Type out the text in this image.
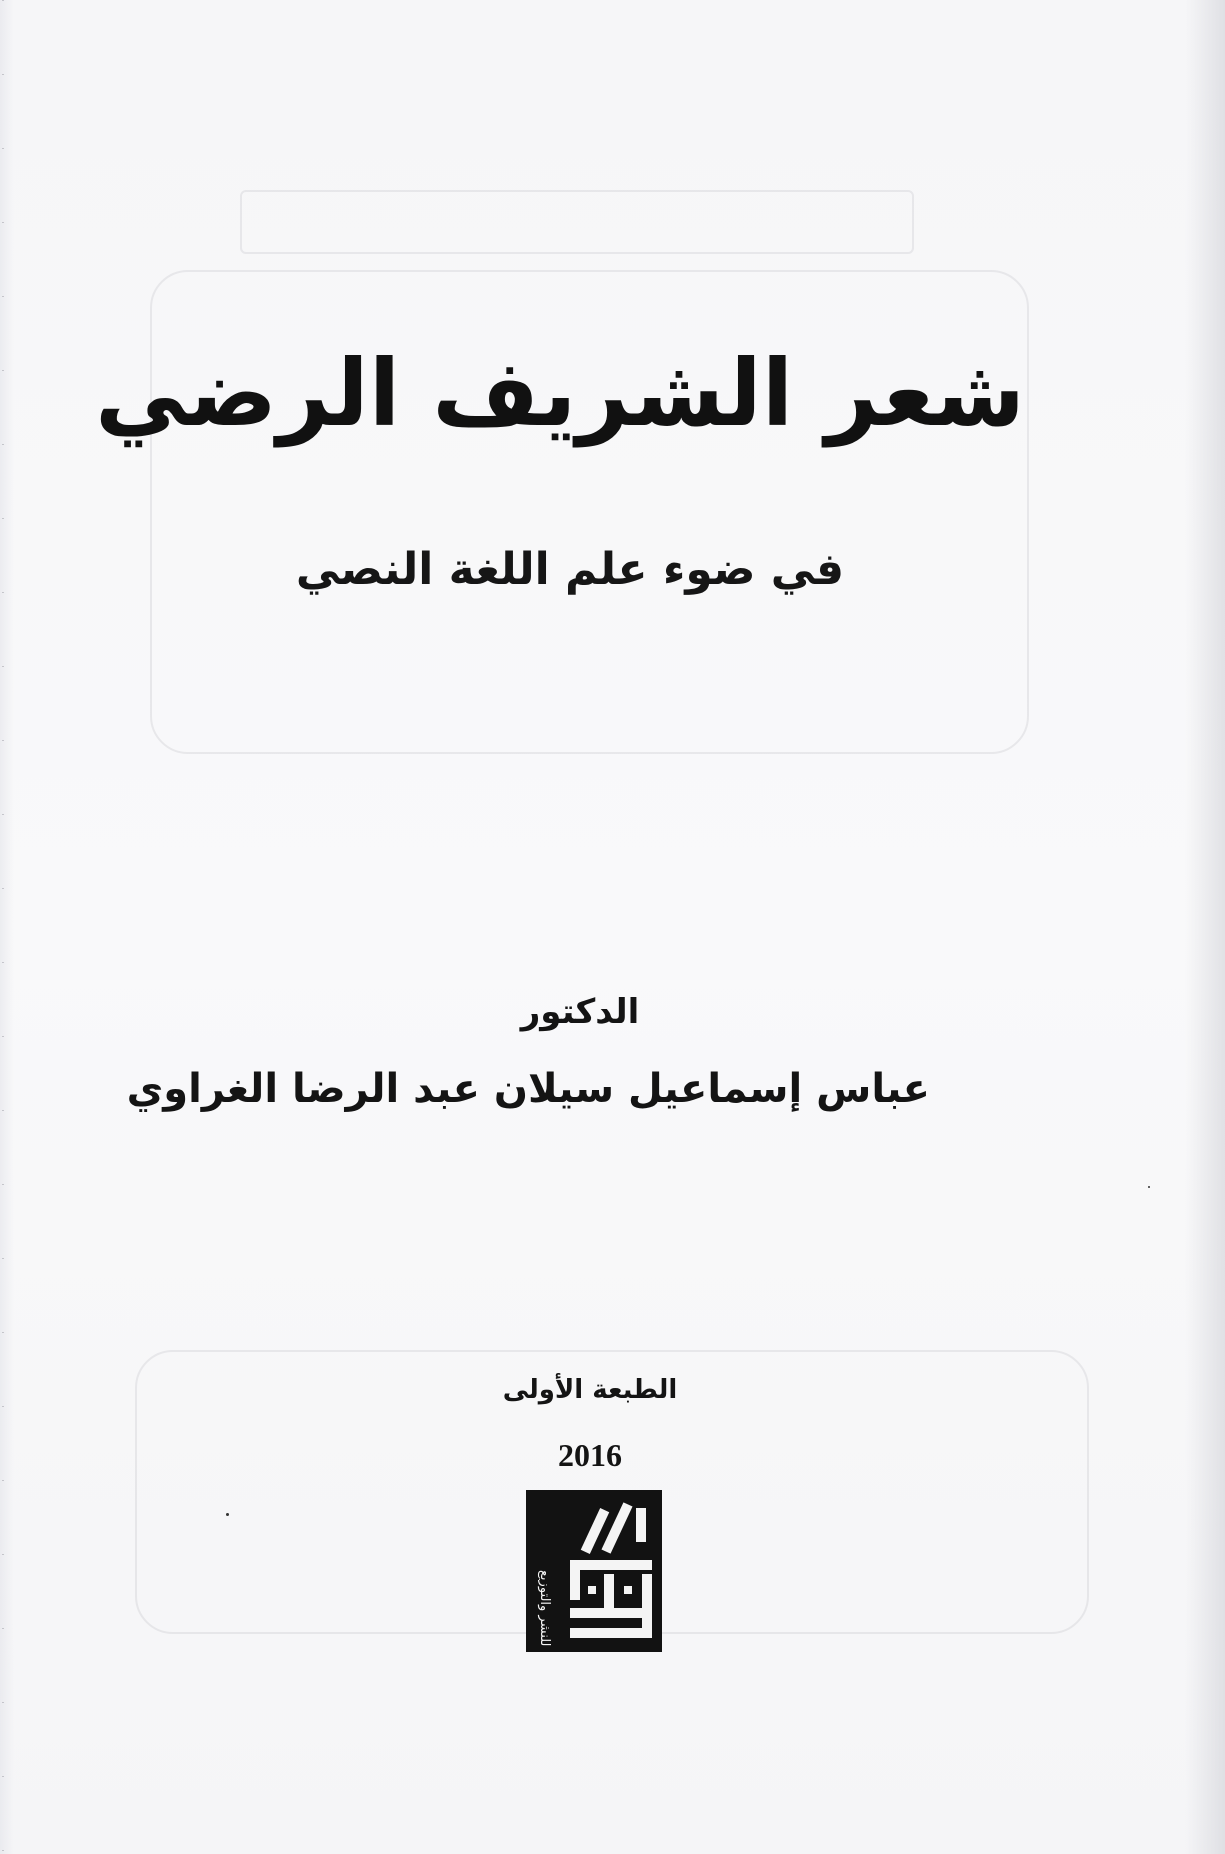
شعر الشريف الرضي
في ضوء علم اللغة النصي
الدكتور
عباس إسماعيل سيلان عبد الرضا الغراوي
الطبعة الأولى
2016
للنشر والتوزيع
